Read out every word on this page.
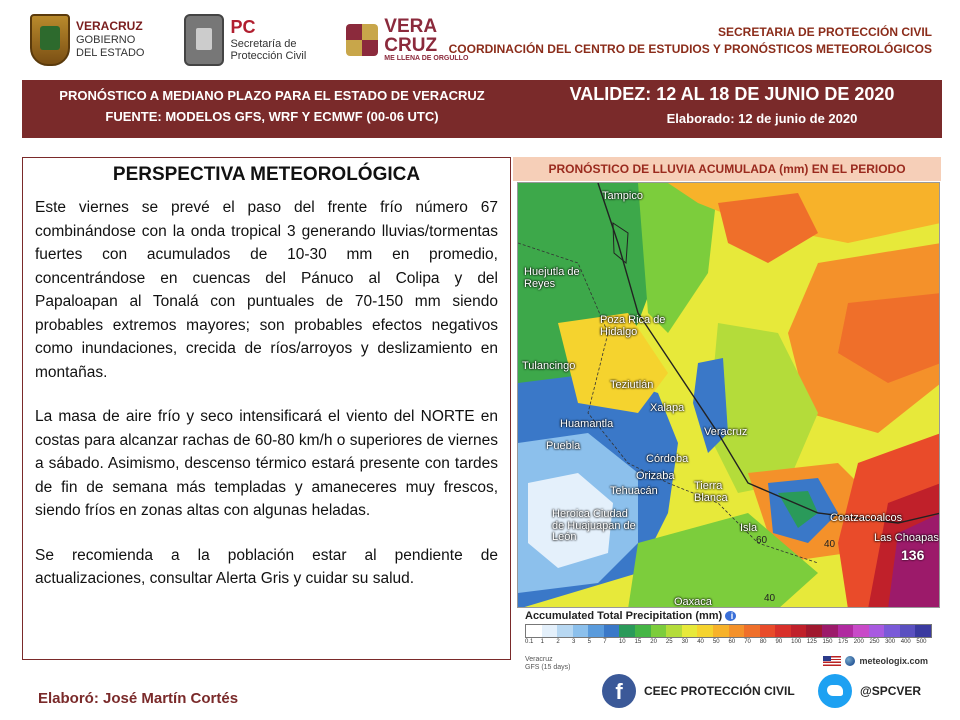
VERACRUZ
GOBIERNO
DEL ESTADO
PC
Secretaría de
Protección Civil
VERA
CRUZ
ME LLENA DE ORGULLO
SECRETARIA DE PROTECCIÓN CIVIL
COORDINACIÓN DEL CENTRO DE ESTUDIOS Y PRONÓSTICOS METEOROLÓGICOS
PRONÓSTICO A MEDIANO PLAZO PARA EL ESTADO DE VERACRUZ
FUENTE: MODELOS GFS, WRF Y ECMWF (00-06 UTC)
VALIDEZ: 12 AL 18 DE JUNIO DE 2020
Elaborado: 12 de junio de 2020
PERSPECTIVA METEOROLÓGICA

Este viernes se prevé el paso del frente frío número 67 combinándose con la onda tropical 3 generando lluvias/tormentas fuertes con acumulados de 10-30 mm en promedio, concentrándose en cuencas del Pánuco al Colipa y del Papaloapan al Tonalá con puntuales de 70-150 mm siendo probables extremos mayores; son probables efectos negativos como inundaciones, crecida de ríos/arroyos y deslizamiento en montañas.

La masa de aire frío y seco intensificará el viento del NORTE en costas para alcanzar rachas de 60-80 km/h o superiores de viernes a sábado. Asimismo, descenso térmico estará presente con tardes de fin de semana más templadas y amaneceres muy frescos, siendo fríos en zonas altas con algunas heladas.

Se recomienda a la población estar al pendiente de actualizaciones, consultar Alerta Gris y cuidar su salud.

PRONÓSTICO DE LLUVIA ACUMULADA (mm) EN EL PERIODO
Tampico
Huejutla de Reyes
Poza Rica de Hidalgo
Tulancingo
Teziutlán
Xalapa
Huamantla
Veracruz
Puebla
Córdoba
Orizaba
Tehuacán	Tierra Blanca
Heroica Ciudad de Huajuapan de León
Coatzacoalcos
Isla
Las Choapas
Oaxaca
60	40
40
136
Accumulated Total Precipitation (mm) i
0.1	1	2	3	5	7	10	15	20	25	30	40	50	60	70	80	90	100 125 150 175 200 250 300 400 500
Veracruz
GFS (15 days)
meteologix.com
Elaboró: José Martín Cortés	f	CEEC PROTECCIÓN CIVIL	@SPCVER
